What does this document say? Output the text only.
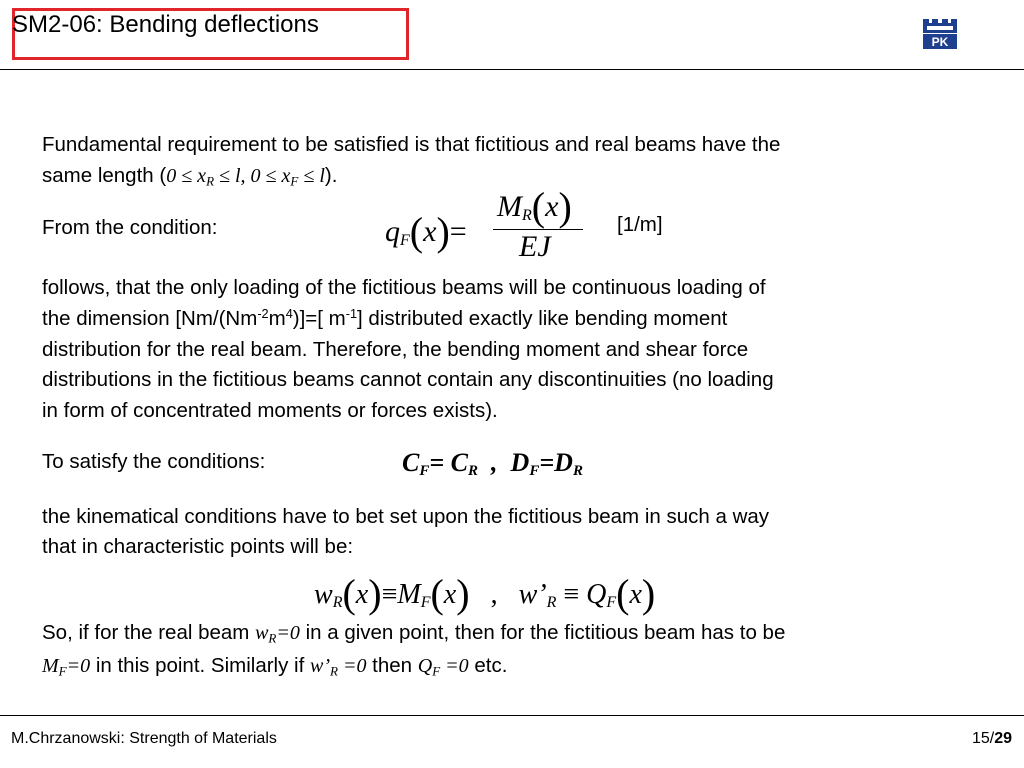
SM2-06: Bending deflections
PK
Fundamental requirement to be satisfied is that fictitious and real beams have the
same length ($0 \le x_R \le l$, $0 \le x_F \le l$).
From the condition:	$q_F(x)=$
$M_R(x)$
EJ
[1/m]
follows, that the only loading of the fictitious beams will be continuous loading of
the dimension $[Nm/(Nm^{-2}m^4)]=$[ $m^{-1}$] distributed exactly like bending moment
distribution for the real beam. Therefore, the bending moment and shear force
distributions in the fictitious beams cannot contain any discontinuities (no loading
in form of concentrated moments or forces exists).
To satisfy the conditions:	$C_F= C_R$  ,  $D_F=D_R$
the kinematical conditions have to bet set upon the fictitious beam in such a way
that in characteristic points will be:
$w_R(x)\equiv M_F(x)$   ,   $w’_R \equiv Q_F(x)$
So, if for the real beam $w_R=0$ in a given point, then for the fictitious beam has to be
$M_F=0$ in this point. Similarly if $w’_R =0$ then $Q_F =0$ etc.
M.Chrzanowski: Strength of Materials	15/29
